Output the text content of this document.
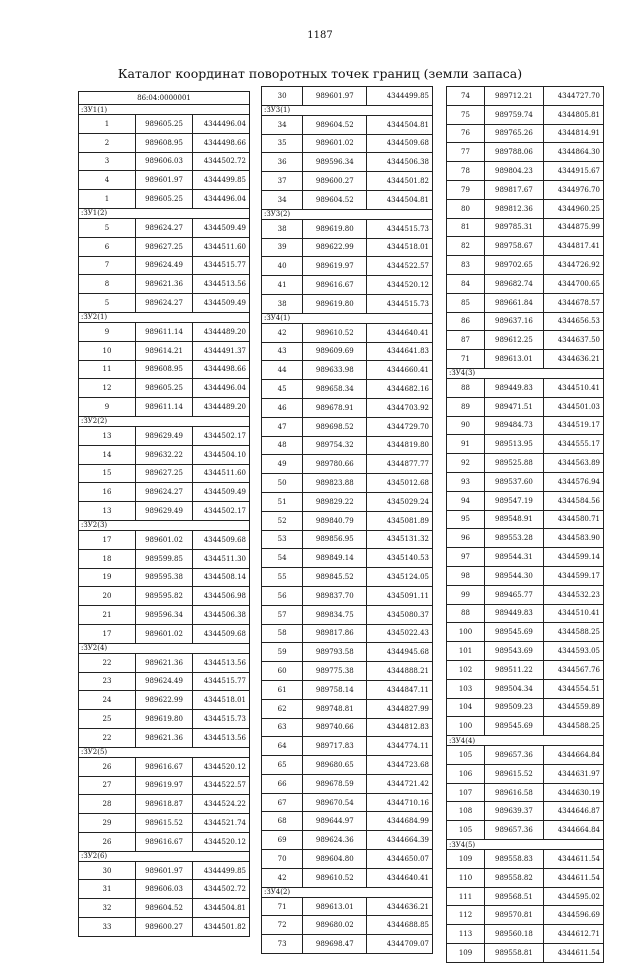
1187
Каталог координат поворотных точек границ (земли запаса)
86:04:0000001		
:ЗУ1(1)		
1	989605.25	4344496.04
2	989608.95	4344498.66
3	989606.03	4344502.72
4	989601.97	4344499.85
1	989605.25	4344496.04
:ЗУ1(2)		
5	989624.27	4344509.49
6	989627.25	4344511.60
7	989624.49	4344515.77
8	989621.36	4344513.56
5	989624.27	4344509.49
:ЗУ2(1)		
9	989611.14	4344489.20
10	989614.21	4344491.37
11	989608.95	4344498.66
12	989605.25	4344496.04
9	989611.14	4344489.20
:ЗУ2(2)		
13	989629.49	4344502.17
14	989632.22	4344504.10
15	989627.25	4344511.60
16	989624.27	4344509.49
13	989629.49	4344502.17
:ЗУ2(3)		
17	989601.02	4344509.68
18	989599.85	4344511.30
19	989595.38	4344508.14
20	989595.82	4344506.98
21	989596.34	4344506.38
17	989601.02	4344509.68
:ЗУ2(4)		
22	989621.36	4344513.56
23	989624.49	4344515.77
24	989622.99	4344518.01
25	989619.80	4344515.73
22	989621.36	4344513.56
:ЗУ2(5)		
26	989616.67	4344520.12
27	989619.97	4344522.57
28	989618.87	4344524.22
29	989615.52	4344521.74
26	989616.67	4344520.12
:ЗУ2(6)		
30	989601.97	4344499.85
31	989606.03	4344502.72
32	989604.52	4344504.81
33	989600.27	4344501.82
30	989601.97	4344499.85
:ЗУ3(1)		
34	989604.52	4344504.81
35	989601.02	4344509.68
36	989596.34	4344506.38
37	989600.27	4344501.82
34	989604.52	4344504.81
:ЗУ3(2)		
38	989619.80	4344515.73
39	989622.99	4344518.01
40	989619.97	4344522.57
41	989616.67	4344520.12
38	989619.80	4344515.73
:ЗУ4(1)		
42	989610.52	4344640.41
43	989609.69	4344641.83
44	989633.98	4344660.41
45	989658.34	4344682.16
46	989678.91	4344703.92
47	989698.52	4344729.70
48	989754.32	4344819.80
49	989780.66	4344877.77
50	989823.88	4345012.68
51	989829.22	4345029.24
52	989840.79	4345081.89
53	989856.95	4345131.32
54	989849.14	4345140.53
55	989845.52	4345124.05
56	989837.70	4345091.11
57	989834.75	4345080.37
58	989817.86	4345022.43
59	989793.58	4344945.68
60	989775.38	4344888.21
61	989758.14	4344847.11
62	989748.81	4344827.99
63	989740.66	4344812.83
64	989717.83	4344774.11
65	989680.65	4344723.68
66	989678.59	4344721.42
67	989670.54	4344710.16
68	989644.97	4344684.99
69	989624.36	4344664.39
70	989604.80	4344650.07
42	989610.52	4344640.41
:ЗУ4(2)		
71	989613.01	4344636.21
72	989680.02	4344688.85
73	989698.47	4344709.07
74	989712.21	4344727.70
75	989759.74	4344805.81
76	989765.26	4344814.91
77	989788.06	4344864.30
78	989804.23	4344915.67
79	989817.67	4344976.70
80	989812.36	4344960.25
81	989785.31	4344875.99
82	989758.67	4344817.41
83	989702.65	4344726.92
84	989682.74	4344700.65
85	989661.84	4344678.57
86	989637.16	4344656.53
87	989612.25	4344637.50
71	989613.01	4344636.21
:ЗУ4(3)		
88	989449.83	4344510.41
89	989471.51	4344501.03
90	989484.73	4344519.17
91	989513.95	4344555.17
92	989525.88	4344563.89
93	989537.60	4344576.94
94	989547.19	4344584.56
95	989548.91	4344580.71
96	989553.28	4344583.90
97	989544.31	4344599.14
98	989544.30	4344599.17
99	989465.77	4344532.23
88	989449.83	4344510.41
100	989545.69	4344588.25
101	989543.69	4344593.05
102	989511.22	4344567.76
103	989504.34	4344554.51
104	989509.23	4344559.89
100	989545.69	4344588.25
:ЗУ4(4)		
105	989657.36	4344664.84
106	989615.52	4344631.97
107	989616.58	4344630.19
108	989639.37	4344646.87
105	989657.36	4344664.84
:ЗУ4(5)		
109	989558.83	4344611.54
110	989558.82	4344611.54
111	989568.51	4344595.02
112	989570.81	4344596.69
113	989560.18	4344612.71
109	989558.81	4344611.54
